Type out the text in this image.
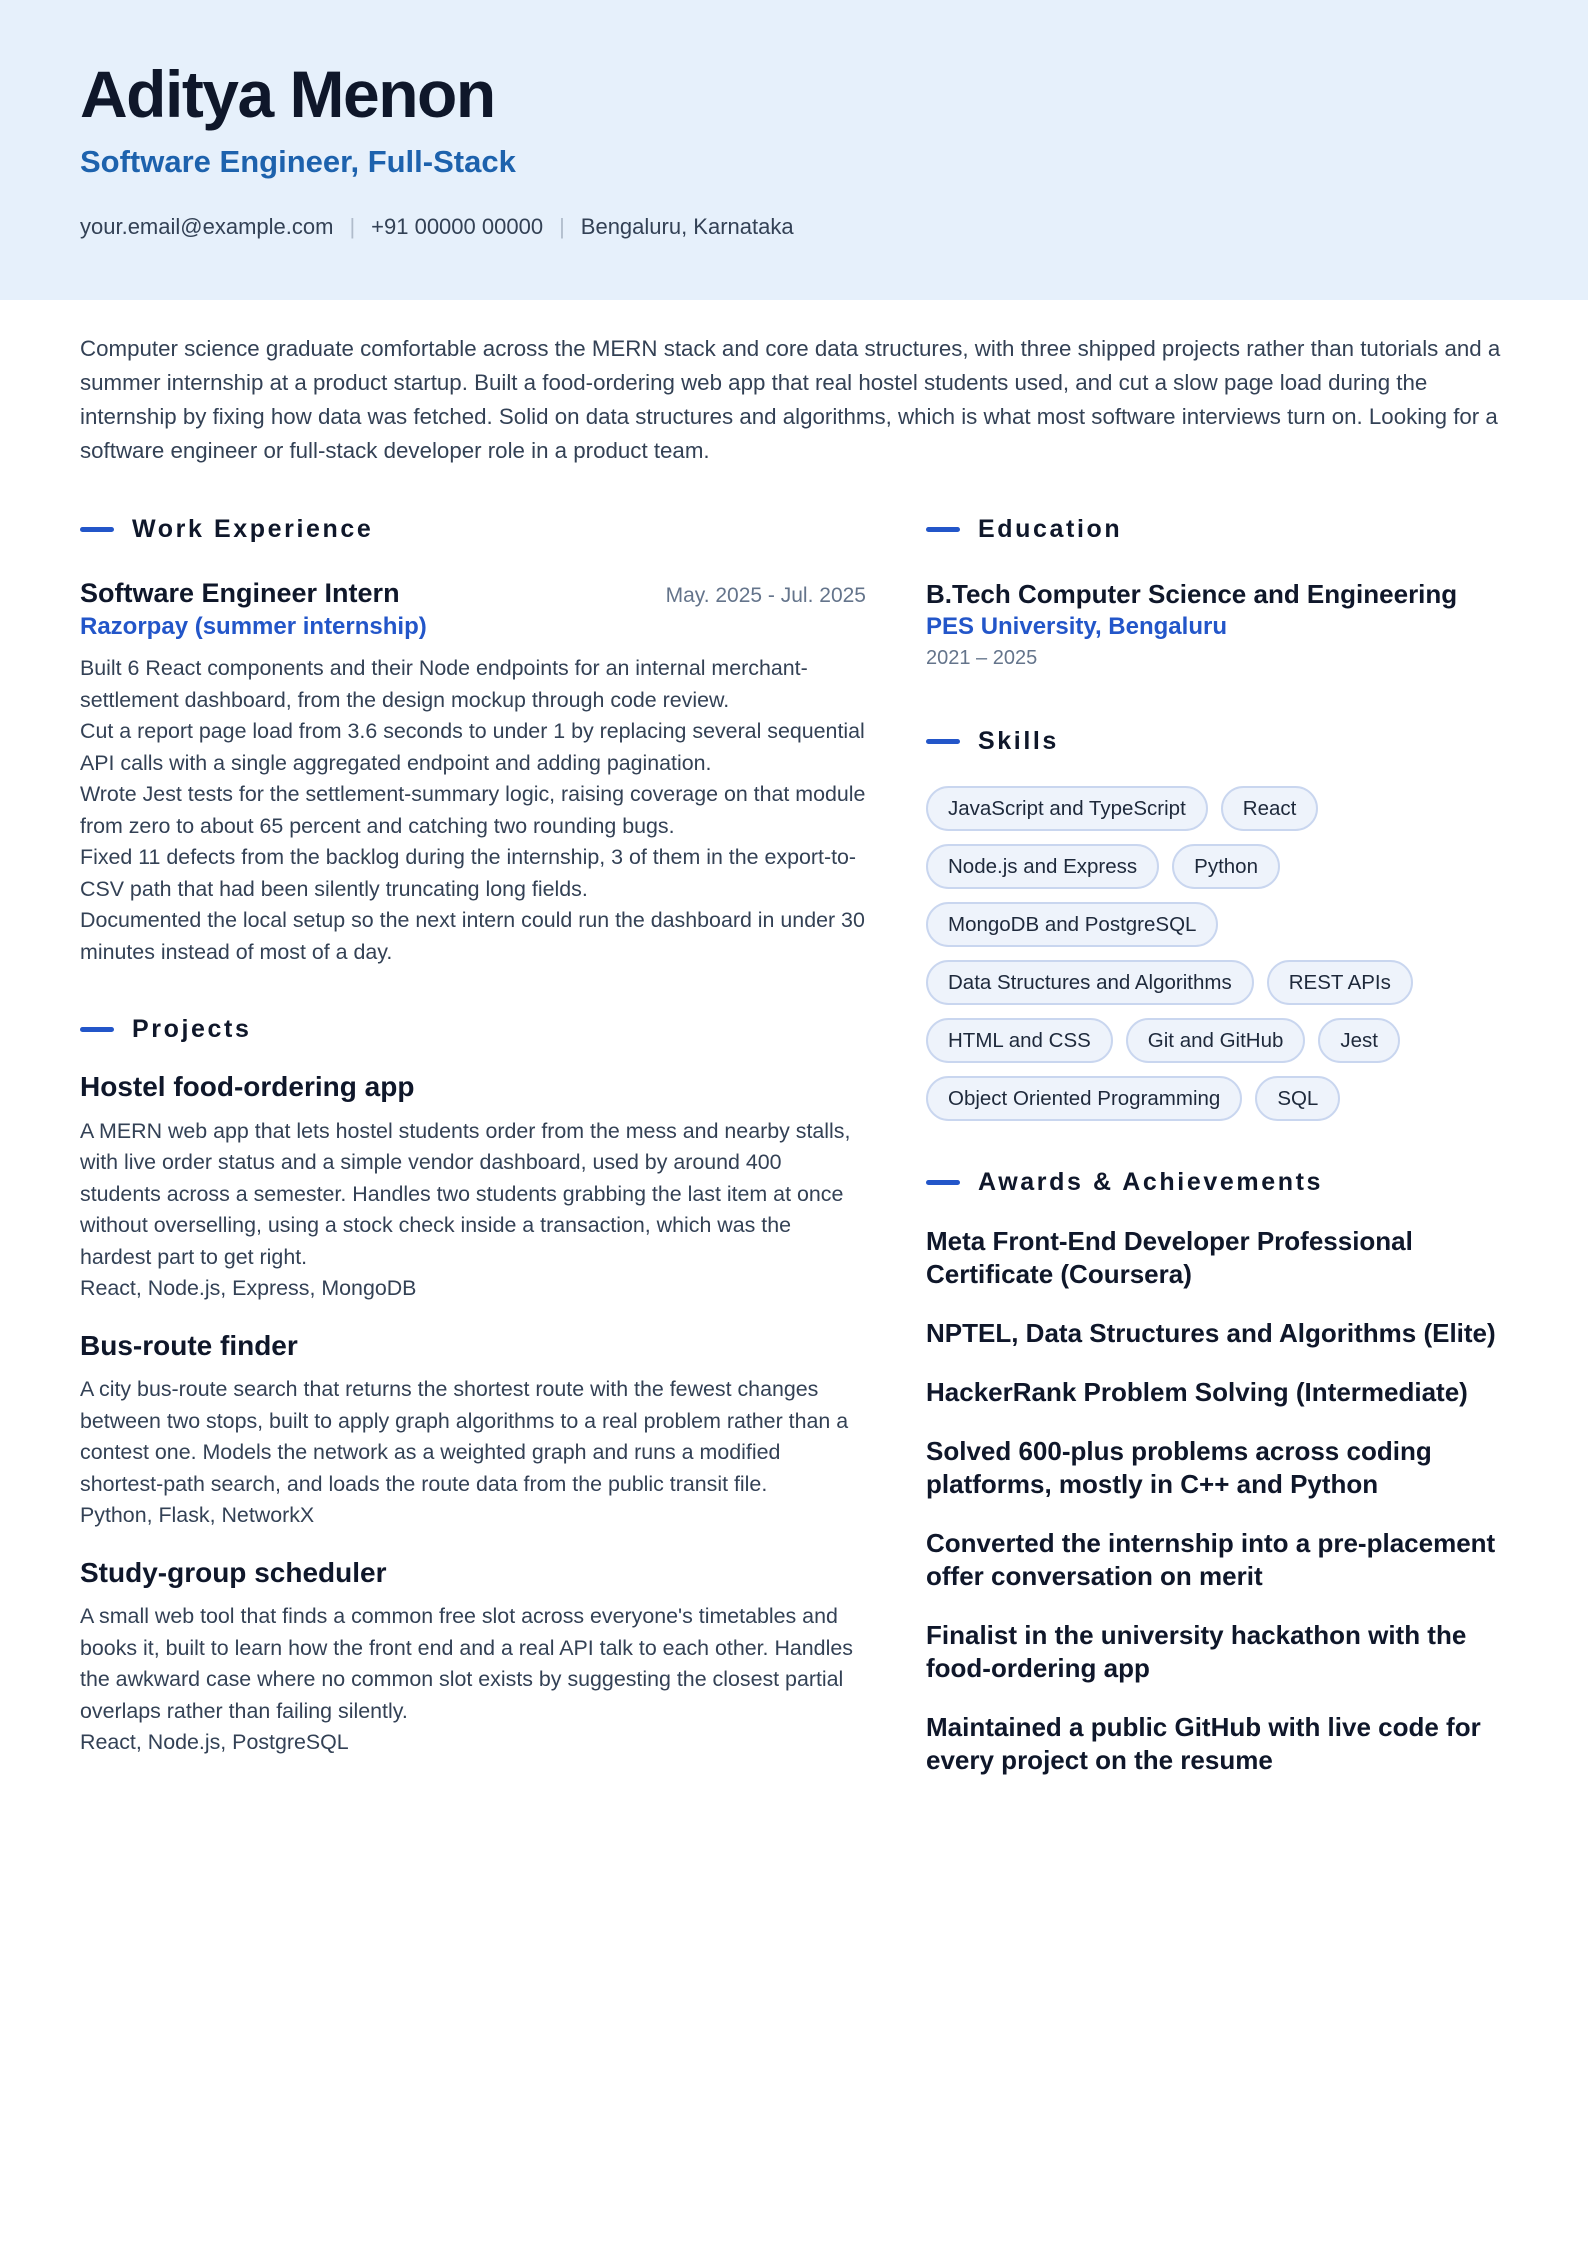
Aditya Menon
Software Engineer, Full-Stack
your.email@example.com | +91 00000 00000 | Bengaluru, Karnataka

Computer science graduate comfortable across the MERN stack and core data structures, with three shipped projects rather than tutorials and a summer internship at a product startup. Built a food-ordering web app that real hostel students used, and cut a slow page load during the internship by fixing how data was fetched. Solid on data structures and algorithms, which is what most software interviews turn on. Looking for a software engineer or full-stack developer role in a product team.

Work Experience
Software Engineer Intern	May. 2025 - Jul. 2025
Razorpay (summer internship)

Built 6 React components and their Node endpoints for an internal merchant-settlement dashboard, from the design mockup through code review.

Cut a report page load from 3.6 seconds to under 1 by replacing several sequential API calls with a single aggregated endpoint and adding pagination.

Wrote Jest tests for the settlement-summary logic, raising coverage on that module from zero to about 65 percent and catching two rounding bugs.

Fixed 11 defects from the backlog during the internship, 3 of them in the export-to-CSV path that had been silently truncating long fields.

Documented the local setup so the next intern could run the dashboard in under 30 minutes instead of most of a day.

Projects
Hostel food-ordering app

A MERN web app that lets hostel students order from the mess and nearby stalls, with live order status and a simple vendor dashboard, used by around 400 students across a semester. Handles two students grabbing the last item at once without overselling, using a stock check inside a transaction, which was the hardest part to get right.

React, Node.js, Express, MongoDB

Bus-route finder

A city bus-route search that returns the shortest route with the fewest changes between two stops, built to apply graph algorithms to a real problem rather than a contest one. Models the network as a weighted graph and runs a modified shortest-path search, and loads the route data from the public transit file.

Python, Flask, NetworkX

Study-group scheduler

A small web tool that finds a common free slot across everyone's timetables and books it, built to learn how the front end and a real API talk to each other. Handles the awkward case where no common slot exists by suggesting the closest partial overlaps rather than failing silently.

React, Node.js, PostgreSQL

Education
B.Tech Computer Science and Engineering
PES University, Bengaluru
2021 – 2025
Skills
JavaScript and TypeScript	React
Node.js and Express	Python
MongoDB and PostgreSQL
Data Structures and Algorithms	REST APIs
HTML and CSS	Git and GitHub	Jest
Object Oriented Programming	SQL
Awards & Achievements
Meta Front-End Developer Professional Certificate (Coursera)
NPTEL, Data Structures and Algorithms (Elite)
HackerRank Problem Solving (Intermediate)
Solved 600-plus problems across coding platforms, mostly in C++ and Python
Converted the internship into a pre-placement offer conversation on merit
Finalist in the university hackathon with the food-ordering app
Maintained a public GitHub with live code for every project on the resume
